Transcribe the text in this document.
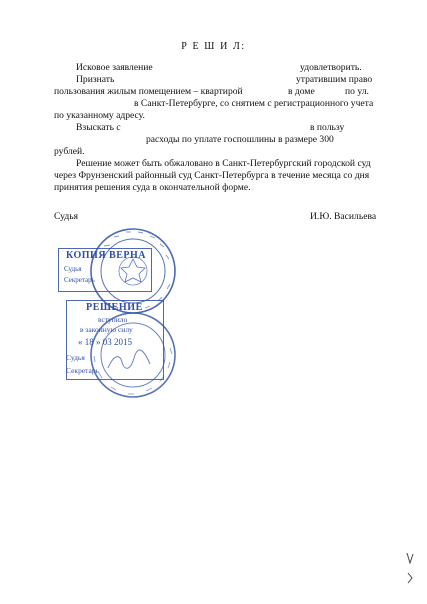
Р Е Ш И Л:
Исковое заявление	удовлетворить.
Признать	утратившим право
пользования жилым помещением – квартирой	в доме	по ул.
в Санкт-Петербурге, со снятием с регистрационного учета
по указанному адресу.
Взыскать с	в пользу
расходы по уплате госпошлины в размере 300
рублей.
Решение может быть обжаловано в Санкт-Петербургский городской суд
через Фрунзенский районный суд Санкт-Петербурга в течение месяца со дня
принятия решения суда в окончательной форме.
Судья	И.Ю. Васильева
КОПИЯ ВЕРНА
Судья
Секретарь
РЕШЕНИЕ
вступило
в законную силу
« 18 » 03 2015
Судья
Секретарь
